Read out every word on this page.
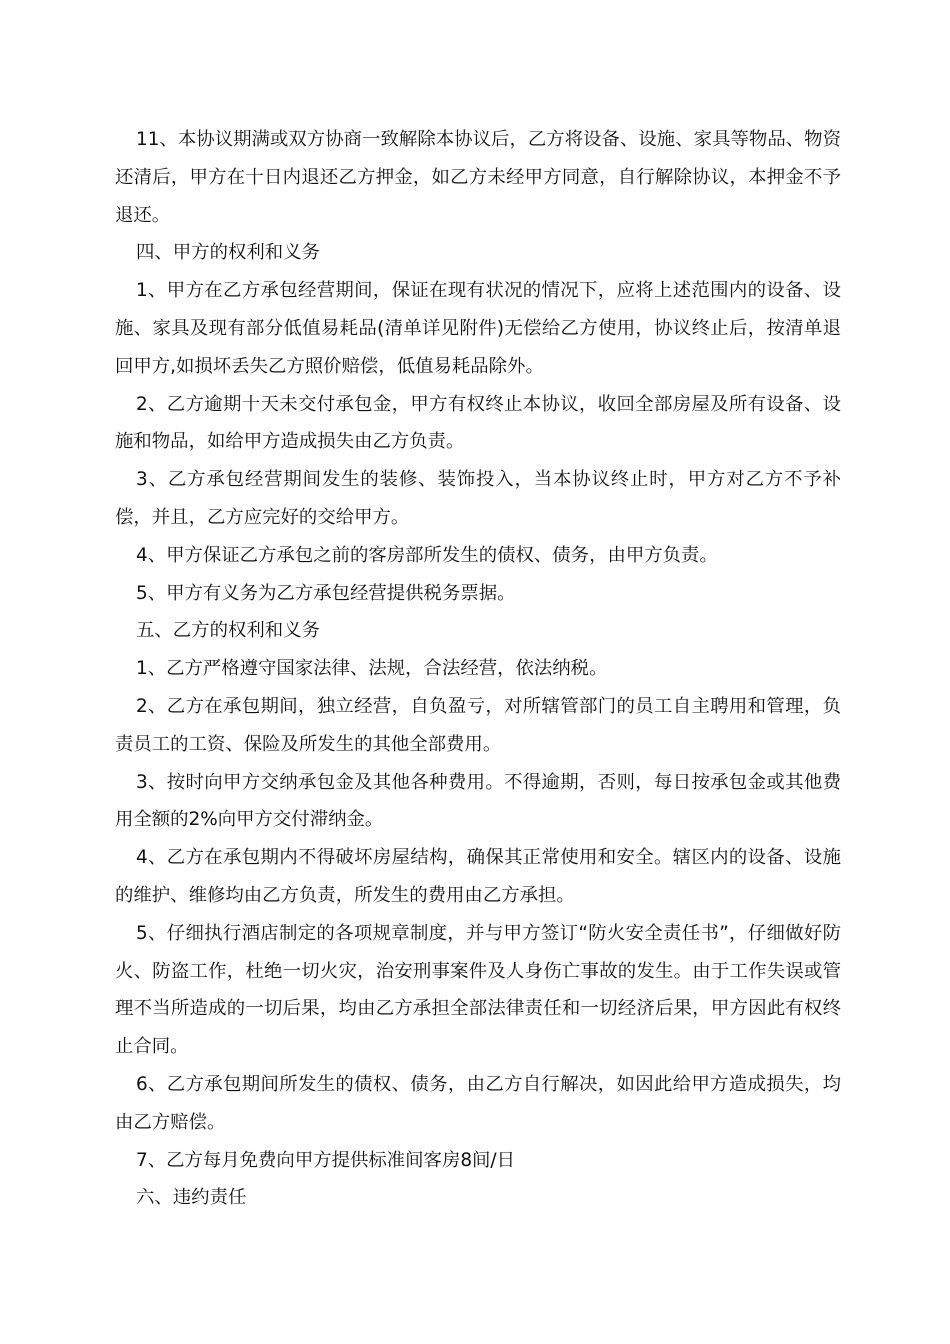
11、本协议期满或双方协商一致解除本协议后，乙方将设备、设施、家具等物品、物资还清后，甲方在十日内退还乙方押金，如乙方未经甲方同意，自行解除协议，本押金不予退还。

四、甲方的权利和义务

1、甲方在乙方承包经营期间，保证在现有状况的情况下，应将上述范围内的设备、设施、家具及现有部分低值易耗品(清单详见附件)无偿给乙方使用，协议终止后，按清单退回甲方,如损坏丢失乙方照价赔偿，低值易耗品除外。

2、乙方逾期十天未交付承包金，甲方有权终止本协议，收回全部房屋及所有设备、设施和物品，如给甲方造成损失由乙方负责。

3、乙方承包经营期间发生的装修、装饰投入，当本协议终止时，甲方对乙方不予补偿，并且，乙方应完好的交给甲方。

4、甲方保证乙方承包之前的客房部所发生的债权、债务，由甲方负责。

5、甲方有义务为乙方承包经营提供税务票据。

五、乙方的权利和义务

1、乙方严格遵守国家法律、法规，合法经营，依法纳税。

2、乙方在承包期间，独立经营，自负盈亏，对所辖管部门的员工自主聘用和管理，负责员工的工资、保险及所发生的其他全部费用。

3、按时向甲方交纳承包金及其他各种费用。不得逾期，否则，每日按承包金或其他费用全额的2%向甲方交付滞纳金。

4、乙方在承包期内不得破坏房屋结构，确保其正常使用和安全。辖区内的设备、设施的维护、维修均由乙方负责，所发生的费用由乙方承担。

5、仔细执行酒店制定的各项规章制度，并与甲方签订“防火安全责任书”，仔细做好防火、防盗工作，杜绝一切火灾，治安刑事案件及人身伤亡事故的发生。由于工作失误或管理不当所造成的一切后果，均由乙方承担全部法律责任和一切经济后果，甲方因此有权终止合同。

6、乙方承包期间所发生的债权、债务，由乙方自行解决，如因此给甲方造成损失，均由乙方赔偿。

7、乙方每月免费向甲方提供标准间客房8间/日

六、违约责任
